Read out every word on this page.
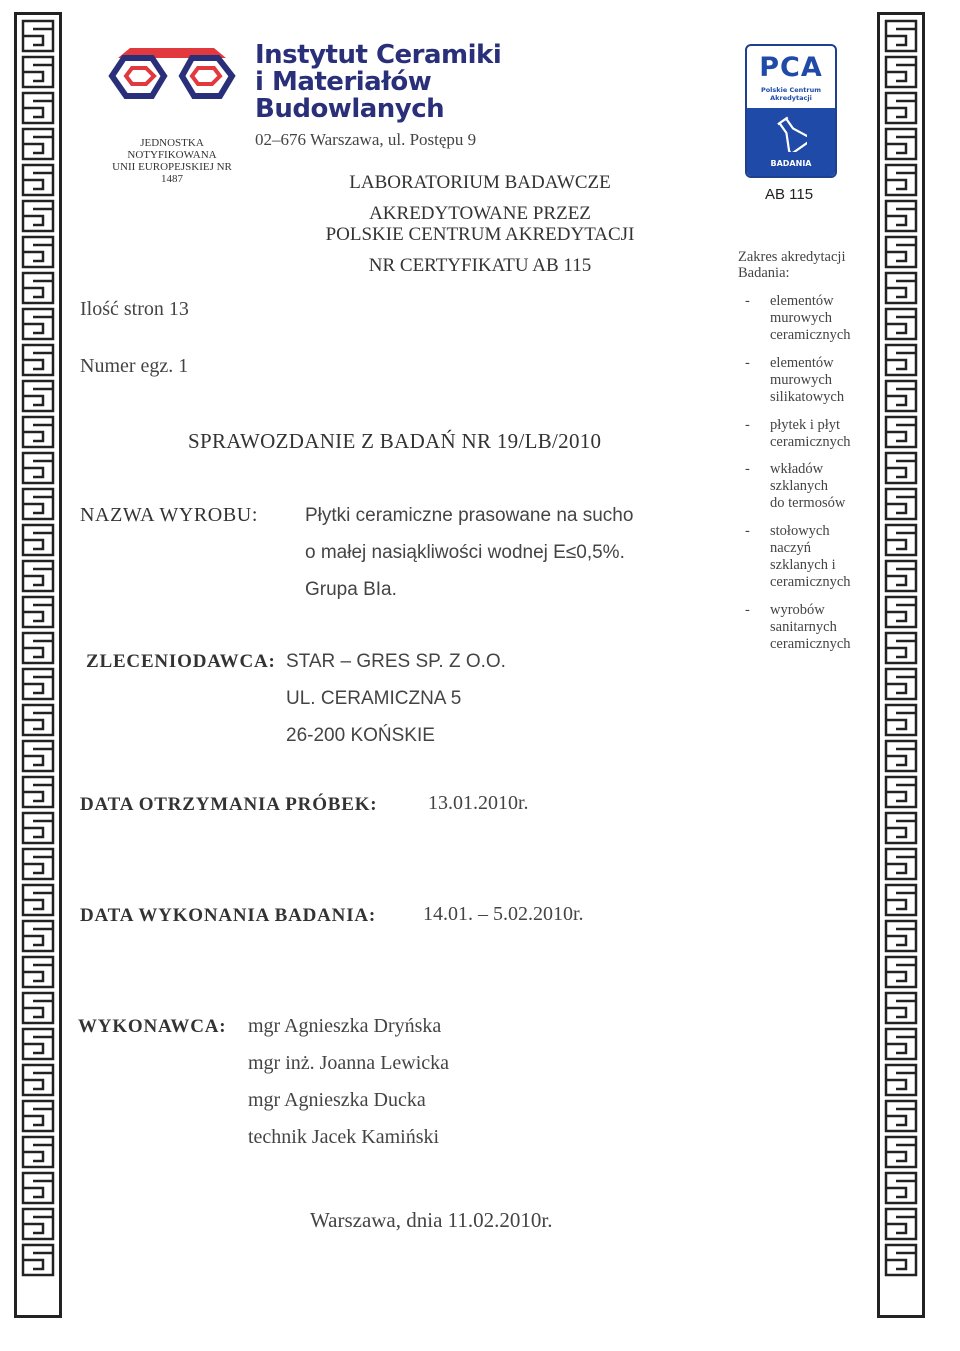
Instytut Ceramiki
i Materiałów
Budowlanych
JEDNOSTKA NOTYFIKOWANA
UNII EUROPEJSKIEJ NR 1487
02–676 Warszawa, ul. Postępu 9
LABORATORIUM BADAWCZE
AKREDYTOWANE PRZEZ
POLSKIE CENTRUM AKREDYTACJI
NR CERTYFIKATU AB 115
Ilość stron 13
Numer egz. 1
SPRAWOZDANIE Z BADAŃ NR 19/LB/2010
NAZWA WYROBU: Płytki ceramiczne prasowane na sucho
o małej nasiąkliwości wodnej E≤0,5%.
Grupa BIa.
ZLECENIODAWCA: STAR – GRES SP. Z O.O.
UL. CERAMICZNA 5
26-200 KOŃSKIE
DATA OTRZYMANIA PRÓBEK:	13.01.2010r.
DATA WYKONANIA BADANIA: 14.01. – 5.02.2010r.
WYKONAWCA: mgr Agnieszka Dryńska
mgr inż. Joanna Lewicka
mgr Agnieszka Ducka
technik Jacek Kamiński
Warszawa, dnia 11.02.2010r.
PCA
Polskie Centrum
Akredytacji
BADANIA
AB 115
Zakres akredytacji
Badania:
- elementów
murowych
ceramicznych
- elementów
murowych
silikatowych
- płytek i płyt
ceramicznych
- wkładów
szklanych
do termosów
- stołowych
naczyń
szklanych i
ceramicznych
- wyrobów
sanitarnych
ceramicznych
